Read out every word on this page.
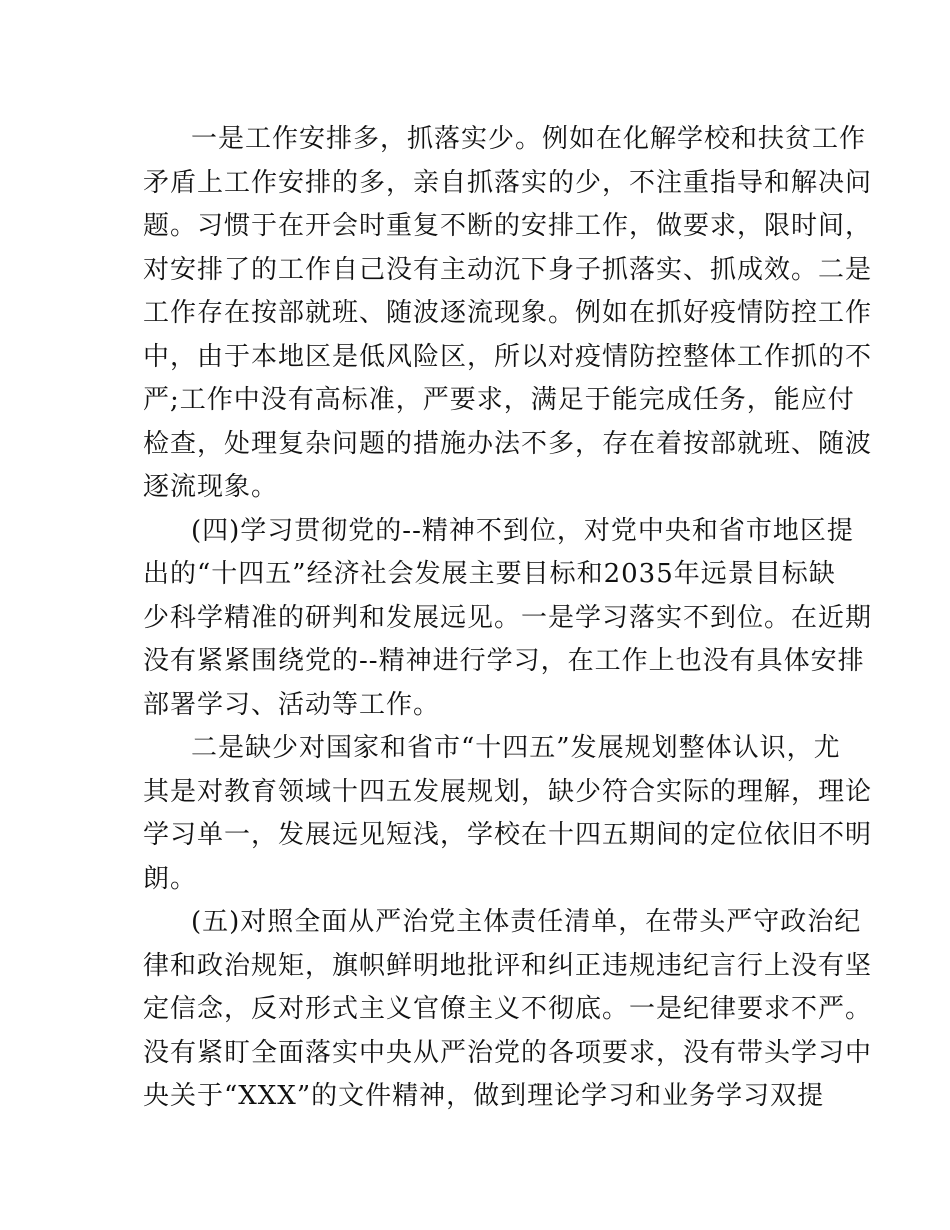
一是工作安排多，抓落实少。例如在化解学校和扶贫工作
矛盾上工作安排的多，亲自抓落实的少，不注重指导和解决问
题。习惯于在开会时重复不断的安排工作，做要求，限时间，
对安排了的工作自己没有主动沉下身子抓落实、抓成效。二是
工作存在按部就班、随波逐流现象。例如在抓好疫情防控工作
中，由于本地区是低风险区，所以对疫情防控整体工作抓的不
严;工作中没有高标准，严要求，满足于能完成任务，能应付
检查，处理复杂问题的措施办法不多，存在着按部就班、随波
逐流现象。
(四)学习贯彻党的--精神不到位，对党中央和省市地区提
出的“十四五”经济社会发展主要目标和2035年远景目标缺
少科学精准的研判和发展远见。一是学习落实不到位。在近期
没有紧紧围绕党的--精神进行学习，在工作上也没有具体安排
部署学习、活动等工作。
二是缺少对国家和省市“十四五”发展规划整体认识，尤
其是对教育领域十四五发展规划，缺少符合实际的理解，理论
学习单一，发展远见短浅，学校在十四五期间的定位依旧不明
朗。
(五)对照全面从严治党主体责任清单，在带头严守政治纪
律和政治规矩，旗帜鲜明地批评和纠正违规违纪言行上没有坚
定信念，反对形式主义官僚主义不彻底。一是纪律要求不严。
没有紧盯全面落实中央从严治党的各项要求，没有带头学习中
央关于“XXX”的文件精神，做到理论学习和业务学习双提
